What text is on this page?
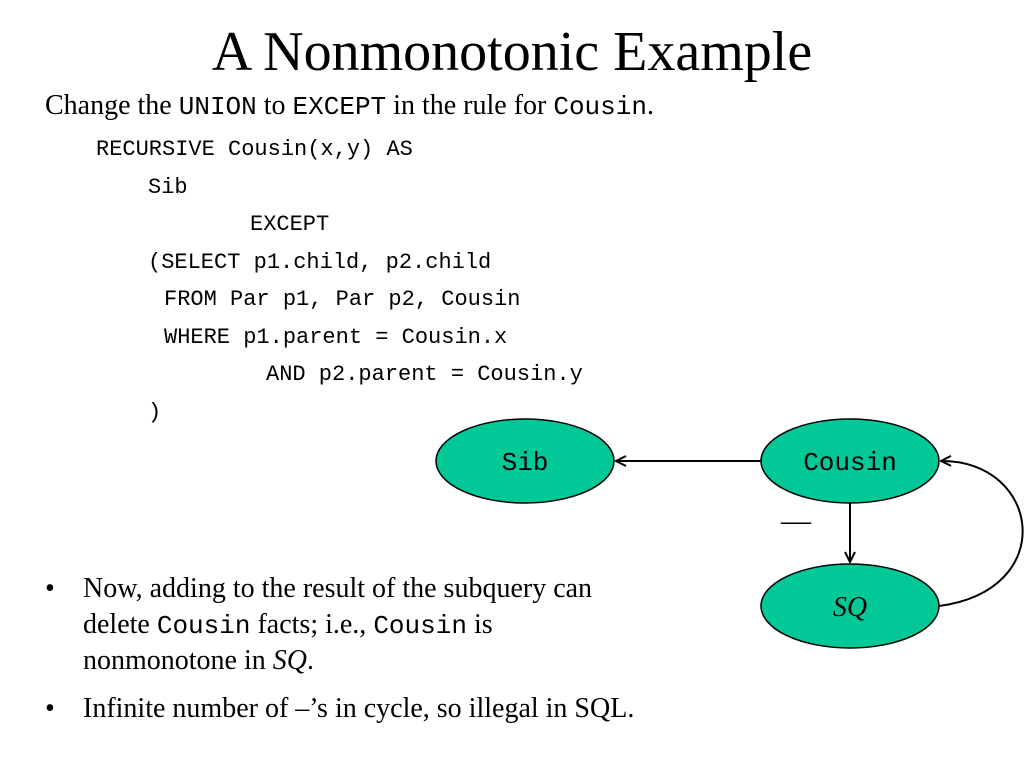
A Nonmonotonic Example
Change the UNION to EXCEPT in the rule for Cousin.
RECURSIVE Cousin(x,y) AS
Sib
EXCEPT
(SELECT p1.child, p2.child
FROM Par p1, Par p2, Cousin
WHERE p1.parent = Cousin.x
AND p2.parent = Cousin.y
)
Sib	Cousin
SQ
—
• Now, adding to the result of the subquery can
delete Cousin facts; i.e., Cousin is
nonmonotone in SQ.
• Infinite number of –’s in cycle, so illegal in SQL.
